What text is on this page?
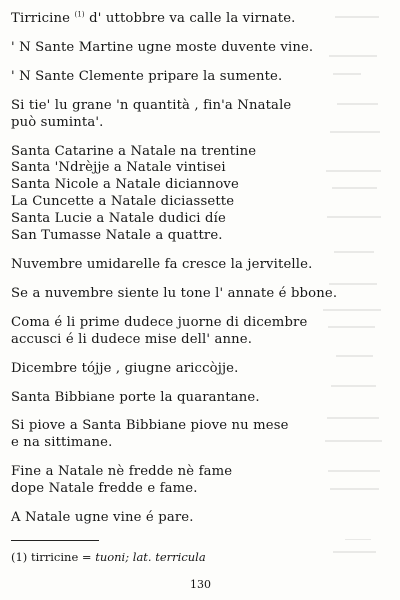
Tirricine $^{(1)}$ d' uttobbre va calle la virnate.
' N Sante Martine ugne moste duvente vine.
' N Sante Clemente pripare la sumente.
Si tie' lu grane 'n quantità , fin'a Nnatale
può suminta'.
Santa Catarine a Natale na trentine
Santa 'Ndrèjje a Natale vintisei
Santa Nicole a Natale diciannove
La Cuncette a Natale diciassette
Santa Lucie a Natale dudici díe
San Tumasse Natale a quattre.
Nuvembre umidarelle fa cresce la jervitelle.
Se a nuvembre siente lu tone l' annate é bbone.
Coma é li prime dudece juorne di dicembre
accusci é li dudece mise dell' anne.
Dicembre tójje , giugne ariccòjje.
Santa Bibbiane porte la quarantane.
Si piove a Santa Bibbiane piove nu mese
e na sittimane.
Fine a Natale nè fredde nè fame
dope Natale fredde e fame.
A Natale ugne vine é pare.
(1) tirricine = tuoni; lat. terricula
130
